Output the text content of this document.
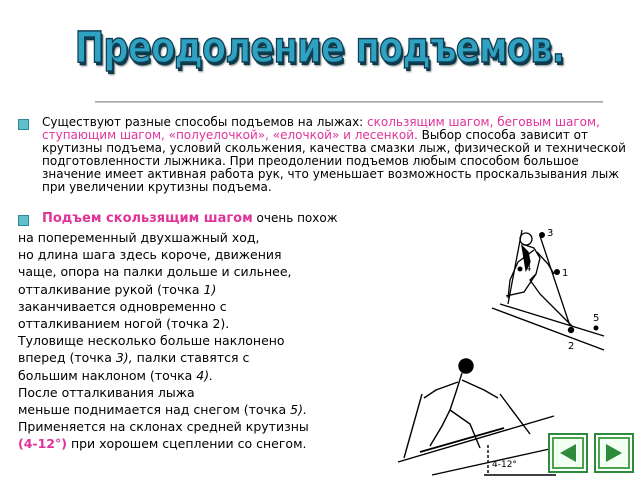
Преодоление подъемов.
Существуют разные способы подъемов на лыжах: скользящим шагом, беговым шагом, ступающим шагом, «полуелочкой», «елочкой» и лесенкой. Выбор способа зависит от крутизны подъема, условий скольжения, качества смазки лыж, физической и технической подготовленности лыжника. При преодолении подъемов любым способом большое значение имеет активная работа рук, что уменьшает возможность проскальзывания лыж при увеличении крутизны подъема.
Подъем скользящим шагом очень похож
на попеременный двухшажный ход,
но длина шага здесь короче, движения
чаще, опора на палки дольше и сильнее,
отталкивание рукой (точка 1)
заканчивается одновременно с
отталкиванием ногой (точка 2).
Туловище несколько больше наклонено
вперед (точка 3), палки ставятся с
большим наклоном (точка 4).
После отталкивания лыжа
меньше поднимается над снегом (точка 5).
Применяется на склонах средней крутизны
(4-12°) при хорошем сцеплении со снегом.
3
4	1
2
5
4-12°
